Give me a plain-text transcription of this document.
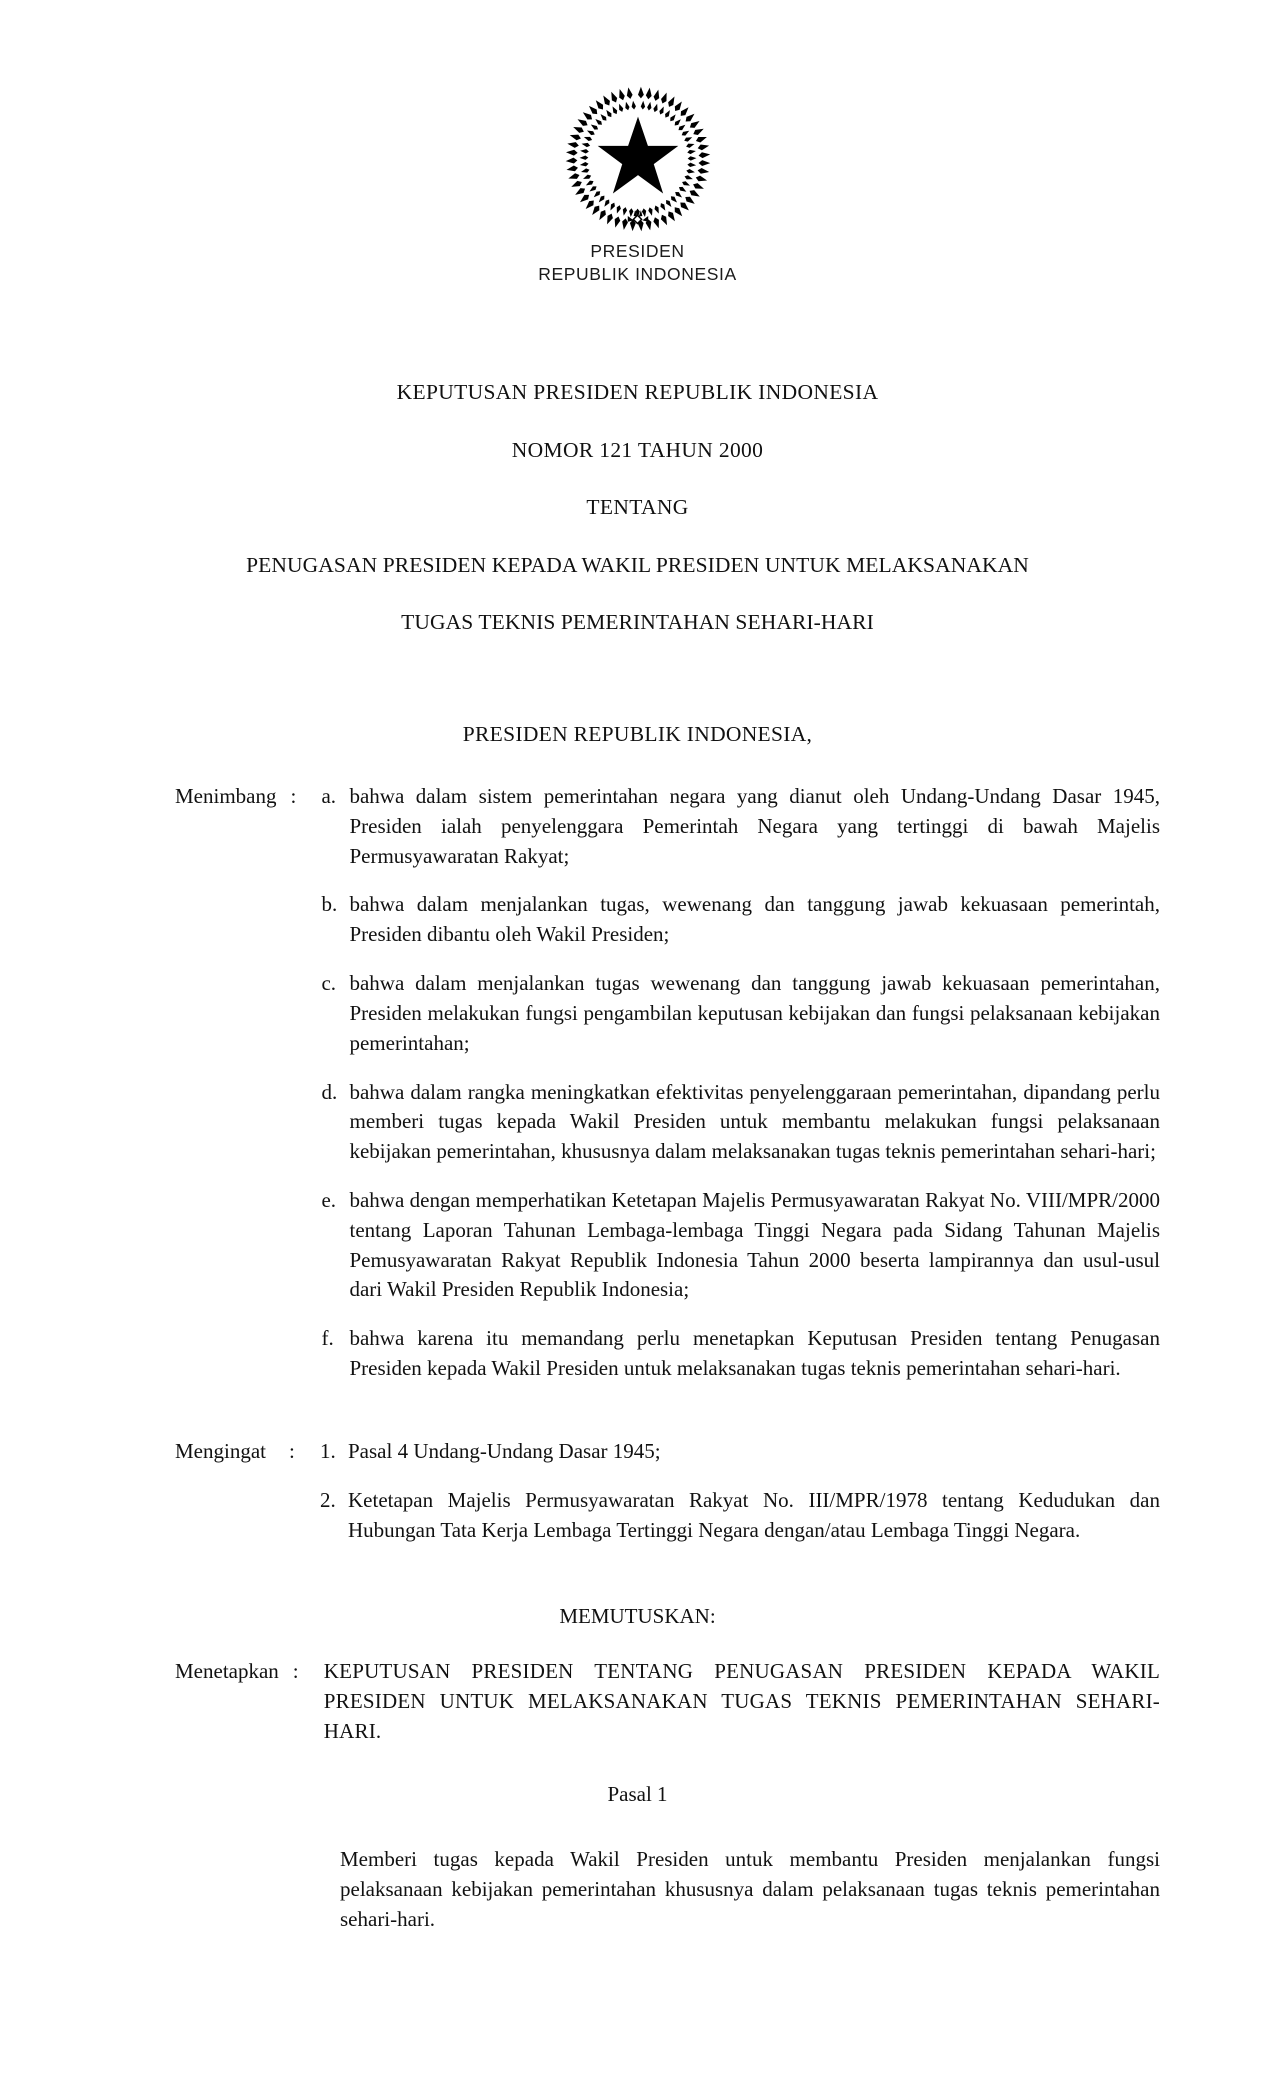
PRESIDEN
REPUBLIK INDONESIA
KEPUTUSAN PRESIDEN REPUBLIK INDONESIA
NOMOR 121 TAHUN 2000
TENTANG
PENUGASAN PRESIDEN KEPADA WAKIL PRESIDEN UNTUK MELAKSANAKAN
TUGAS TEKNIS PEMERINTAHAN SEHARI-HARI
PRESIDEN REPUBLIK INDONESIA,
Menimbang :	a. bahwa dalam sistem pemerintahan negara yang dianut oleh Undang-Undang Dasar 1945, Presiden ialah penyelenggara Pemerintah Negara yang tertinggi di bawah Majelis Permusyawaratan Rakyat;
b. bahwa dalam menjalankan tugas, wewenang dan tanggung jawab kekuasaan pemerintah, Presiden dibantu oleh Wakil Presiden;
c. bahwa dalam menjalankan tugas wewenang dan tanggung jawab kekuasaan pemerintahan, Presiden melakukan fungsi pengambilan keputusan kebijakan dan fungsi pelaksanaan kebijakan pemerintahan;
d. bahwa dalam rangka meningkatkan efektivitas penyelenggaraan pemerintahan, dipandang perlu memberi tugas kepada Wakil Presiden untuk membantu melakukan fungsi pelaksanaan kebijakan pemerintahan, khususnya dalam melaksanakan tugas teknis pemerintahan sehari-hari;
e. bahwa dengan memperhatikan Ketetapan Majelis Permusyawaratan Rakyat No. VIII/MPR/2000 tentang Laporan Tahunan Lembaga-lembaga Tinggi Negara pada Sidang Tahunan Majelis Pemusyawaratan Rakyat Republik Indonesia Tahun 2000 beserta lampirannya dan usul-usul dari Wakil Presiden Republik Indonesia;
f. bahwa karena itu memandang perlu menetapkan Keputusan Presiden tentang Penugasan Presiden kepada Wakil Presiden untuk melaksanakan tugas teknis pemerintahan sehari-hari.
Mengingat	:	1. Pasal 4 Undang-Undang Dasar 1945;
2. Ketetapan Majelis Permusyawaratan Rakyat No. III/MPR/1978 tentang Kedudukan dan Hubungan Tata Kerja Lembaga Tertinggi Negara dengan/atau Lembaga Tinggi Negara.
MEMUTUSKAN:
Menetapkan :	KEPUTUSAN PRESIDEN TENTANG PENUGASAN PRESIDEN KEPADA WAKIL PRESIDEN UNTUK MELAKSANAKAN TUGAS TEKNIS PEMERINTAHAN SEHARI-HARI.
Pasal 1
Memberi tugas kepada Wakil Presiden untuk membantu Presiden menjalankan fungsi pelaksanaan kebijakan pemerintahan khususnya dalam pelaksanaan tugas teknis pemerintahan sehari-hari.
